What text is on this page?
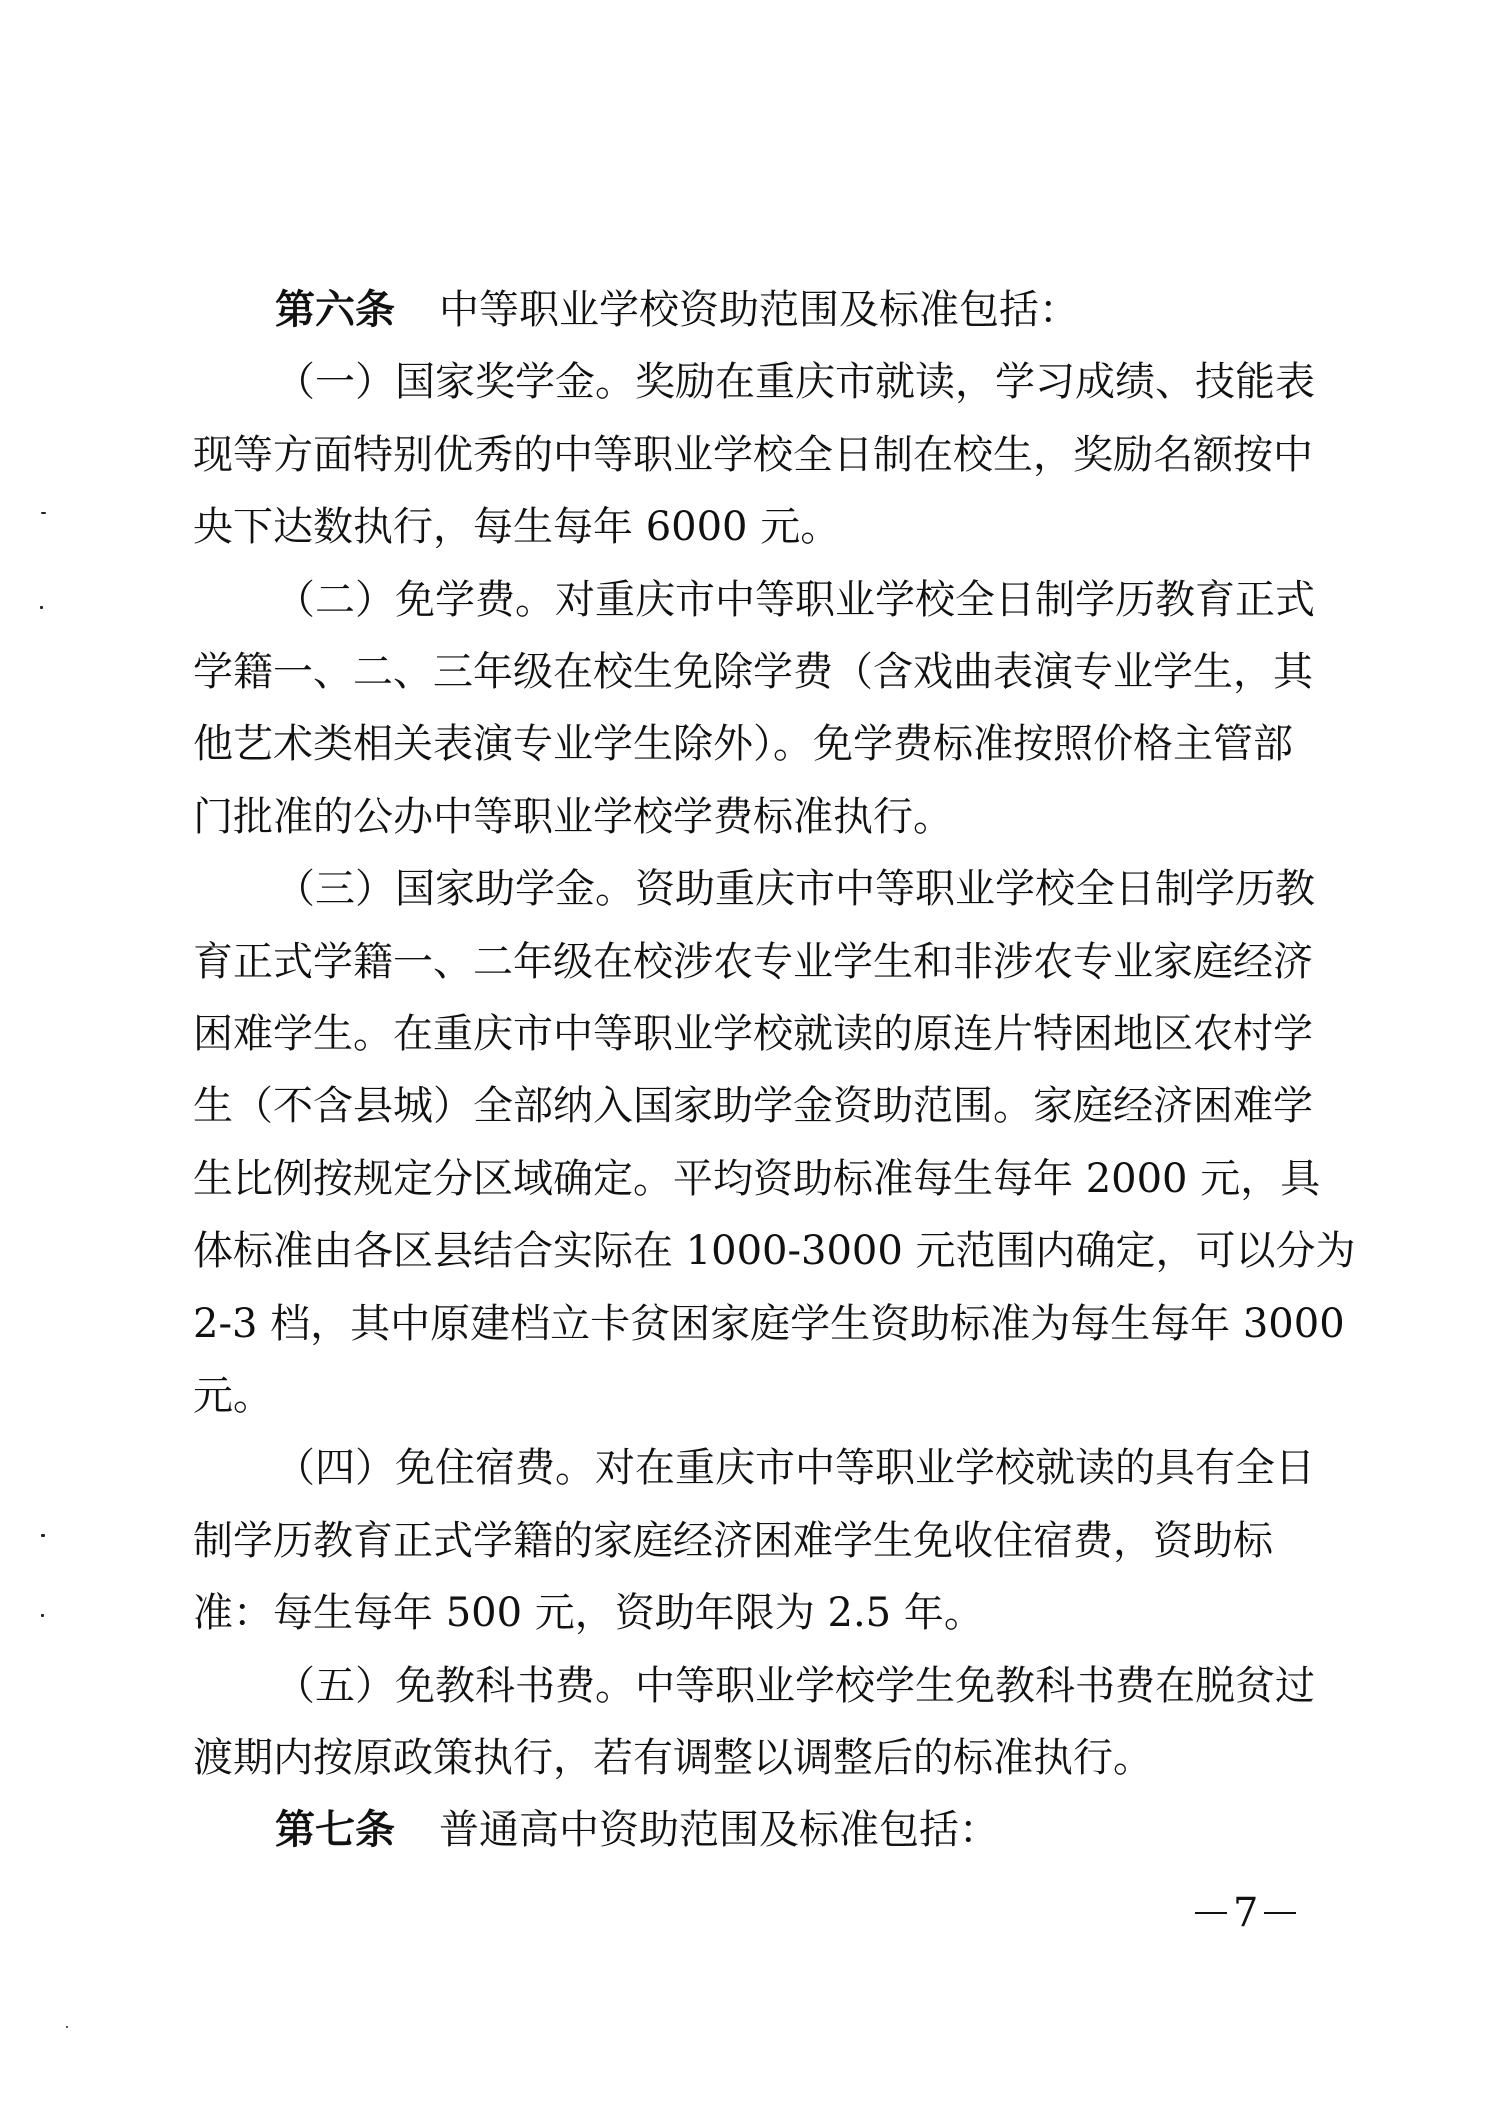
第六条 中等职业学校资助范围及标准包括：
（一）国家奖学金。奖励在重庆市就读，学习成绩、技能表
现等方面特别优秀的中等职业学校全日制在校生，奖励名额按中
央下达数执行，每生每年 6000 元。
（二）免学费。对重庆市中等职业学校全日制学历教育正式
学籍一、二、三年级在校生免除学费（含戏曲表演专业学生，其
他艺术类相关表演专业学生除外）。免学费标准按照价格主管部
门批准的公办中等职业学校学费标准执行。
（三）国家助学金。资助重庆市中等职业学校全日制学历教
育正式学籍一、二年级在校涉农专业学生和非涉农专业家庭经济
困难学生。在重庆市中等职业学校就读的原连片特困地区农村学
生（不含县城）全部纳入国家助学金资助范围。家庭经济困难学
生比例按规定分区域确定。平均资助标准每生每年 2000 元，具
体标准由各区县结合实际在 1000-3000 元范围内确定，可以分为
2-3 档，其中原建档立卡贫困家庭学生资助标准为每生每年 3000
元。
（四）免住宿费。对在重庆市中等职业学校就读的具有全日
制学历教育正式学籍的家庭经济困难学生免收住宿费，资助标
准：每生每年 500 元，资助年限为 2.5 年。
7
（五）免教科书费。中等职业学校学生免教科书费在脱贫过
渡期内按原政策执行，若有调整以调整后的标准执行。
第七条 普通高中资助范围及标准包括：
